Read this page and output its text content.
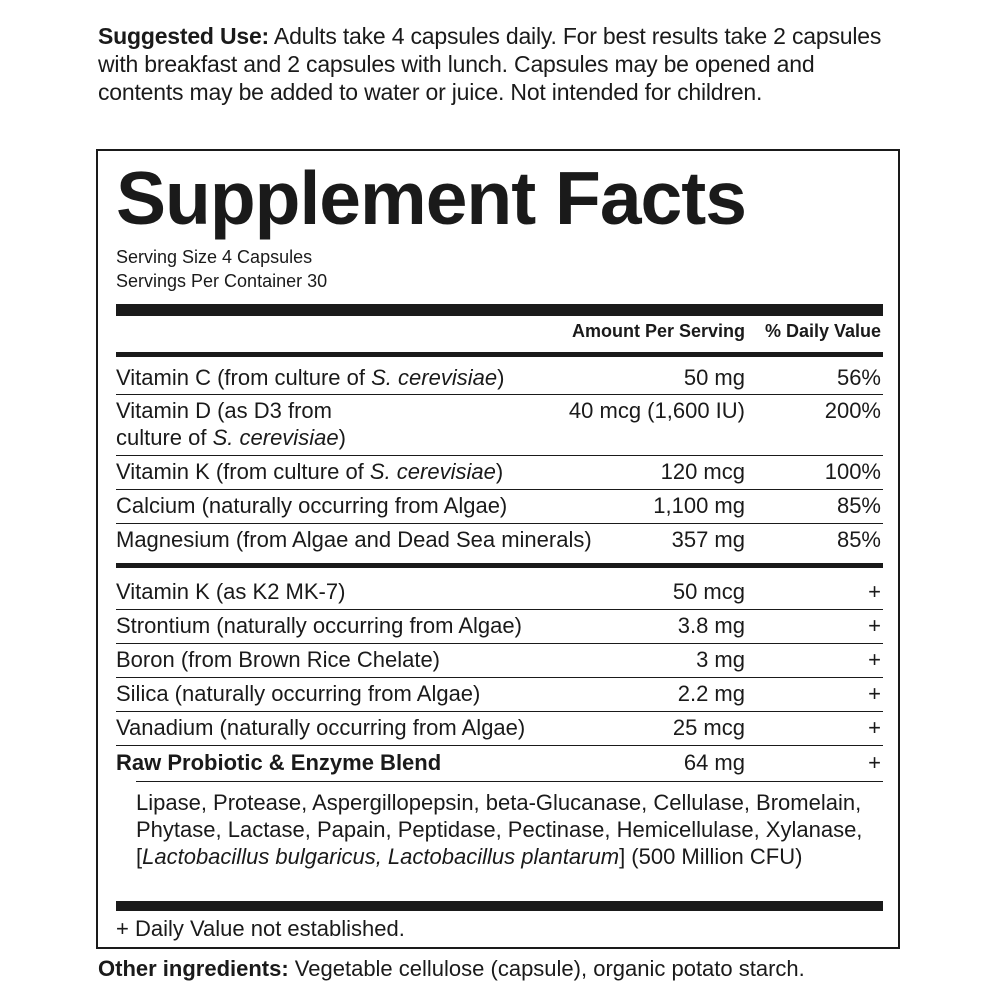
Suggested Use: Adults take 4 capsules daily. For best results take 2 capsules with breakfast and 2 capsules with lunch. Capsules may be opened and contents may be added to water or juice. Not intended for children.
Supplement Facts
Serving Size 4 Capsules
Servings Per Container 30
Amount Per Serving % Daily Value
Vitamin C (from culture of S. cerevisiae)	50 mg	56%
Vitamin D (as D3 from
culture of S. cerevisiae)
40 mcg (1,600 IU)	200%
Vitamin K (from culture of S. cerevisiae)	120 mcg	100%
Calcium (naturally occurring from Algae)	1,100 mg	85%
Magnesium (from Algae and Dead Sea minerals)	357 mg	85%
Vitamin K (as K2 MK-7)	50 mcg	+
Strontium (naturally occurring from Algae)	3.8 mg	+
Boron (from Brown Rice Chelate)	3 mg	+
Silica (naturally occurring from Algae)	2.2 mg	+
Vanadium (naturally occurring from Algae)	25 mcg	+
Raw Probiotic & Enzyme Blend	64 mg	+
Lipase, Protease, Aspergillopepsin, beta-Glucanase, Cellulase, Bromelain, Phytase, Lactase, Papain, Peptidase, Pectinase, Hemicellulase, Xylanase, [Lactobacillus bulgaricus, Lactobacillus plantarum] (500 Million CFU)
+ Daily Value not established.
Other ingredients: Vegetable cellulose (capsule), organic potato starch.
